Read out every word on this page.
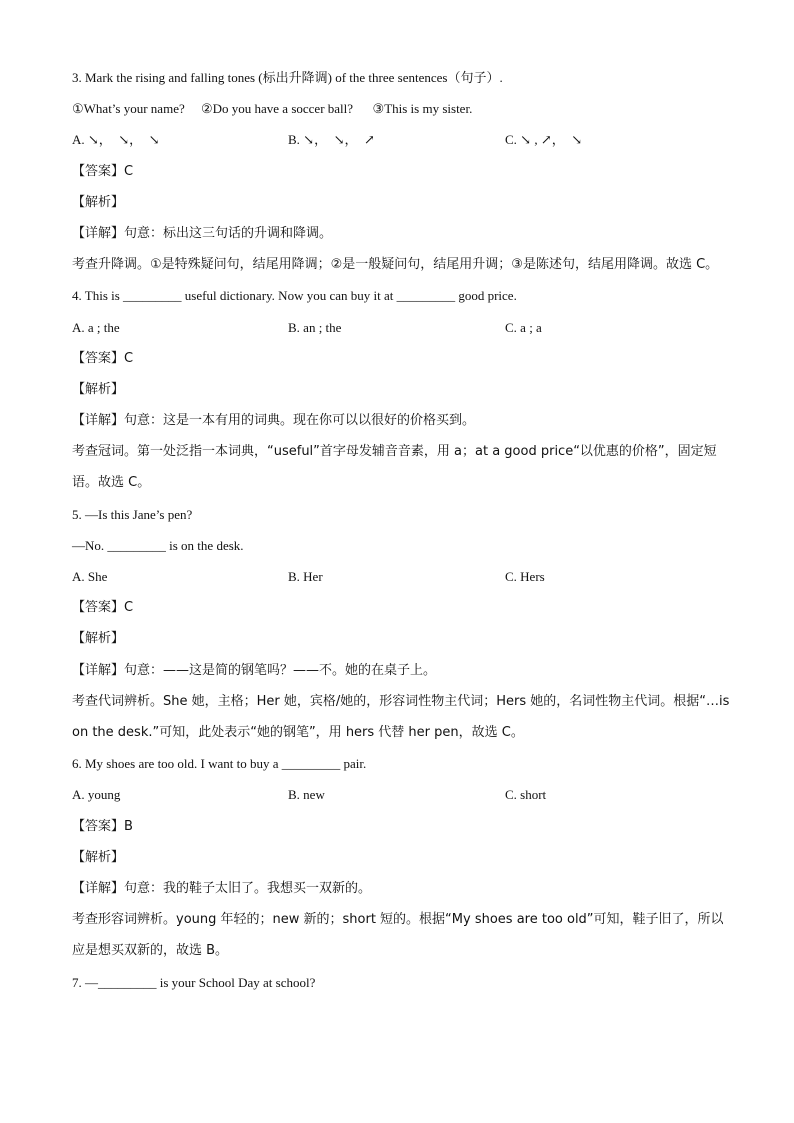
3. Mark the rising and falling tones (标出升降调) of the three sentences（句子）.
①What’s your name?     ②Do you have a soccer ball?      ③This is my sister.
A. ↘，  ↘，  ↘	B. ↘，  ↘，  ↗	C. ↘ , ↗，  ↘
【答案】C
【解析】
【详解】句意：标出这三句话的升调和降调。
考查升降调。①是特殊疑问句，结尾用降调；②是一般疑问句，结尾用升调；③是陈述句，结尾用降调。故选 C。
4. This is _________ useful dictionary. Now you can buy it at _________ good price.
A. a ; the	B. an ; the	C. a ; a
【答案】C
【解析】
【详解】句意：这是一本有用的词典。现在你可以以很好的价格买到。
考查冠词。第一处泛指一本词典，“useful”首字母发辅音音素，用 a；at a good price“以优惠的价格”，固定短语。故选 C。
5. —Is this Jane’s pen?
—No. _________ is on the desk.
A. She	B. Her	C. Hers
【答案】C
【解析】
【详解】句意：——这是简的钢笔吗？——不。她的在桌子上。
考查代词辨析。She 她，主格；Her 她，宾格/她的，形容词性物主代词；Hers 她的，名词性物主代词。根据“…is on the desk.”可知，此处表示“她的钢笔”，用 hers 代替 her pen，故选 C。
6. My shoes are too old. I want to buy a _________ pair.
A. young	B. new	C. short
【答案】B
【解析】
【详解】句意：我的鞋子太旧了。我想买一双新的。
考查形容词辨析。young 年轻的；new 新的；short 短的。根据“My shoes are too old”可知，鞋子旧了，所以应是想买双新的，故选 B。
7. —_________ is your School Day at school?
